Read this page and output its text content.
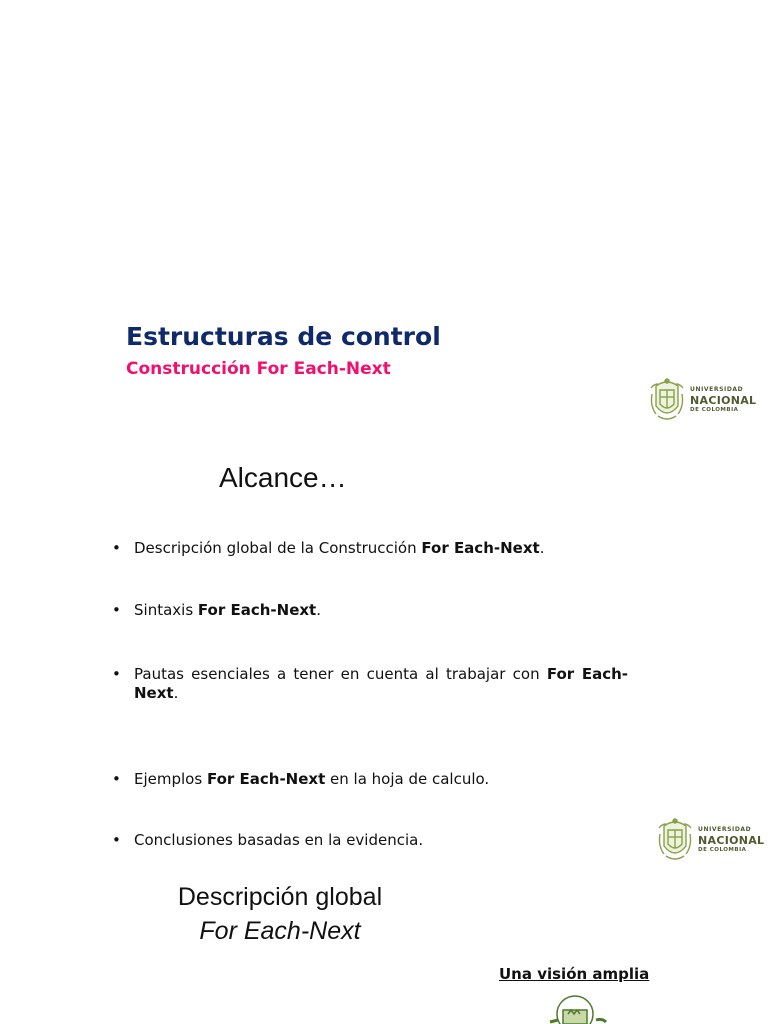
Estructuras de control
Construcción For Each-Next
UNIVERSIDAD
NACIONAL
DE COLOMBIA
Alcance…
• Descripción global de la Construcción For Each-Next.
• Sintaxis For Each-Next.
• Pautas esenciales a tener en cuenta al trabajar con For Each-Next.
• Ejemplos For Each-Next en la hoja de calculo.
• Conclusiones basadas en la evidencia.
UNIVERSIDAD
NACIONAL
DE COLOMBIA
Descripción global
For Each-Next
Una visión amplia
